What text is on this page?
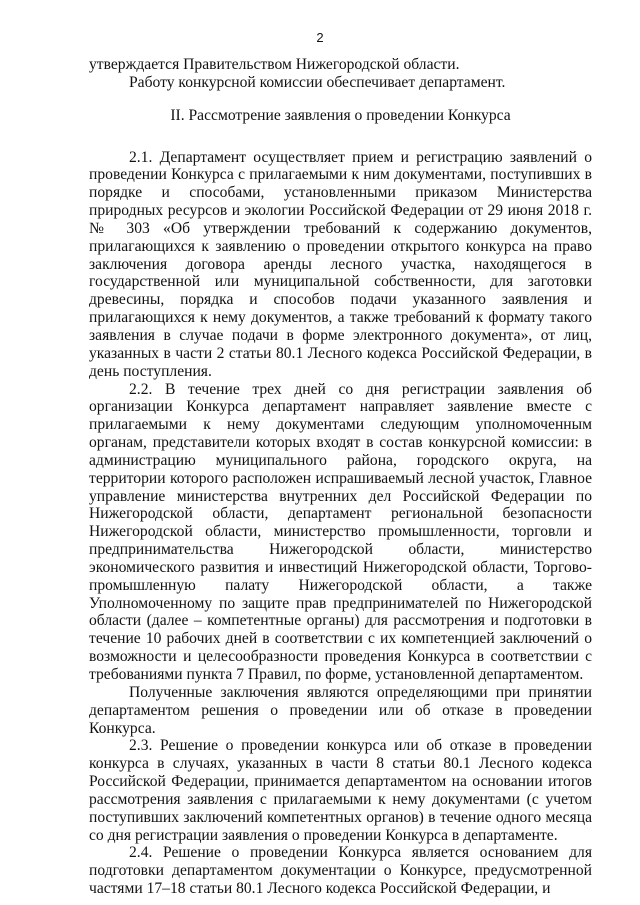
2

утверждается Правительством Нижегородской области.

Работу конкурсной комиссии обеспечивает департамент.

II. Рассмотрение заявления о проведении Конкурса

2.1. Департамент осуществляет прием и регистрацию заявлений о проведении Конкурса с прилагаемыми к ним документами, поступивших в порядке и способами, установленными приказом Министерства природных ресурсов и экологии Российской Федерации от 29 июня 2018 г. № 303 «Об утверждении требований к содержанию документов, прилагающихся к заявлению о проведении открытого конкурса на право заключения договора аренды лесного участка, находящегося в государственной или муниципальной собственности, для заготовки древесины, порядка и способов подачи указанного заявления и прилагающихся к нему документов, а также требований к формату такого заявления в случае подачи в форме электронного документа», от лиц, указанных в части 2 статьи 80.1 Лесного кодекса Российской Федерации, в день поступления.

2.2. В течение трех дней со дня регистрации заявления об организации Конкурса департамент направляет заявление вместе с прилагаемыми к нему документами следующим уполномоченным органам, представители которых входят в состав конкурсной комиссии: в администрацию муниципального района, городского округа, на территории которого расположен испрашиваемый лесной участок, Главное управление министерства внутренних дел Российской Федерации по Нижегородской области, департамент региональной безопасности Нижегородской области, министерство промышленности, торговли и предпринимательства Нижегородской области, министерство экономического развития и инвестиций Нижегородской области, Торгово-промышленную палату Нижегородской области, а также Уполномоченному по защите прав предпринимателей по Нижегородской области (далее – компетентные органы) для рассмотрения и подготовки в течение 10 рабочих дней в соответствии с их компетенцией заключений о возможности и целесообразности проведения Конкурса в соответствии с требованиями пункта 7 Правил, по форме, установленной департаментом.

Полученные заключения являются определяющими при принятии департаментом решения о проведении или об отказе в проведении Конкурса.

2.3. Решение о проведении конкурса или об отказе в проведении конкурса в случаях, указанных в части 8 статьи 80.1 Лесного кодекса Российской Федерации, принимается департаментом на основании итогов рассмотрения заявления с прилагаемыми к нему документами (с учетом поступивших заключений компетентных органов) в течение одного месяца со дня регистрации заявления о проведении Конкурса в департаменте.

2.4. Решение о проведении Конкурса является основанием для подготовки департаментом документации о Конкурсе, предусмотренной частями 17–18 статьи 80.1 Лесного кодекса Российской Федерации, и
